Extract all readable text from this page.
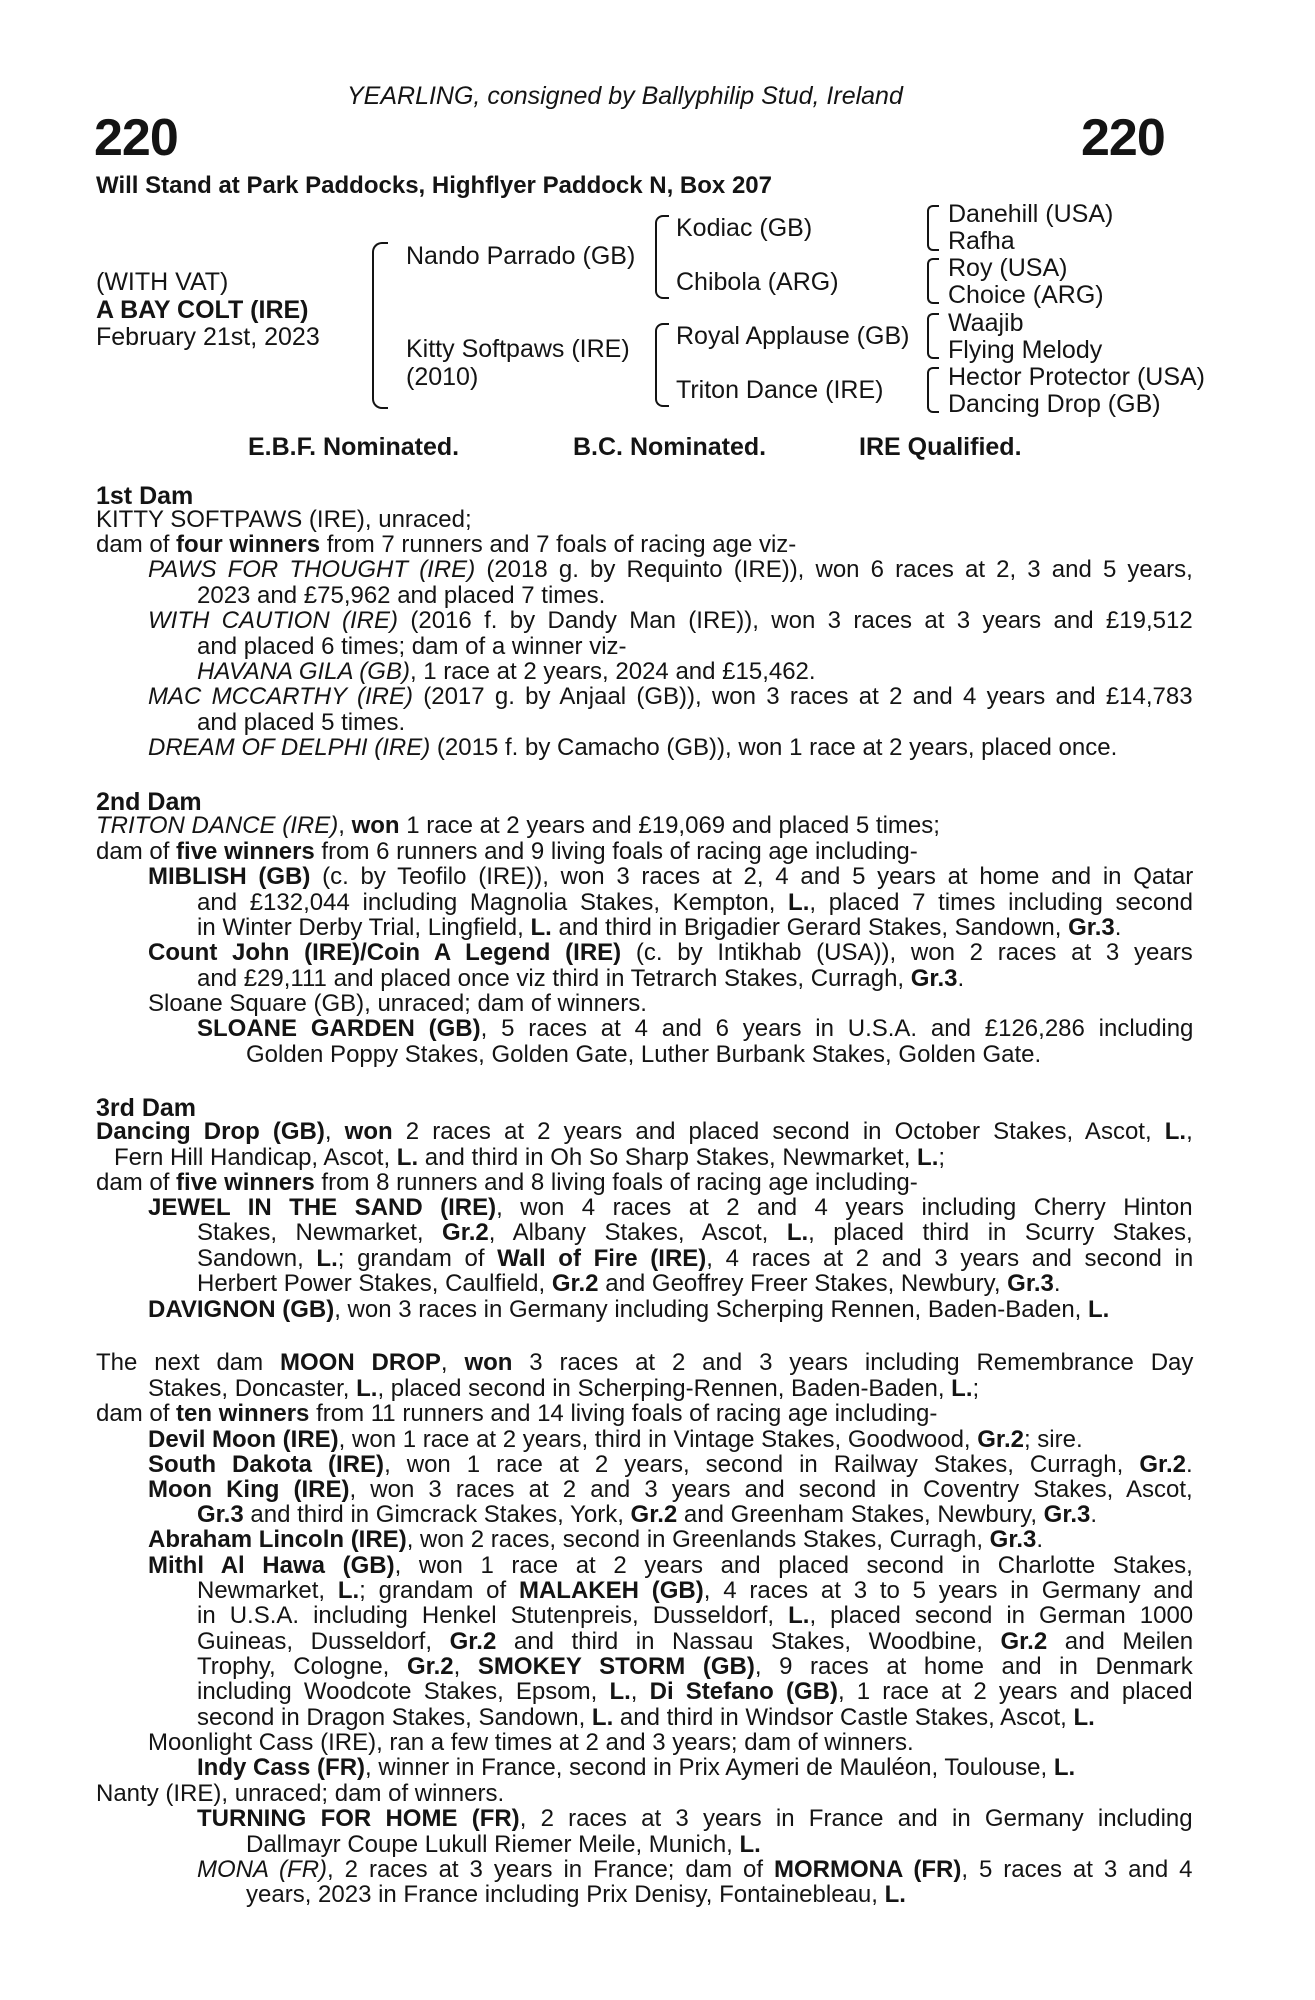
YEARLING, consigned by Ballyphilip Stud, Ireland
220	220
Will Stand at Park Paddocks, Highflyer Paddock N, Box 207
(WITH VAT)
A BAY COLT (IRE)
February 21st, 2023
Nando Parrado (GB)
Kitty Softpaws (IRE)
(2010)
Kodiac (GB)
Chibola (ARG)
Royal Applause (GB)
Triton Dance (IRE)
Danehill (USA)
Rafha
Roy (USA)
Choice (ARG)
Waajib
Flying Melody
Hector Protector (USA)
Dancing Drop (GB)
E.B.F. Nominated.	B.C. Nominated.	IRE Qualified.
1st Dam
2nd Dam
3rd Dam
KITTY SOFTPAWS (IRE), unraced;
dam of four winners from 7 runners and 7 foals of racing age viz-
PAWS FOR THOUGHT (IRE) (2018 g. by Requinto (IRE)), won 6 races at 2, 3 and 5 years,
2023 and £75,962 and placed 7 times.
WITH CAUTION (IRE) (2016 f. by Dandy Man (IRE)), won 3 races at 3 years and £19,512
and placed 6 times; dam of a winner viz-
HAVANA GILA (GB), 1 race at 2 years, 2024 and £15,462.
MAC MCCARTHY (IRE) (2017 g. by Anjaal (GB)), won 3 races at 2 and 4 years and £14,783
and placed 5 times.
DREAM OF DELPHI (IRE) (2015 f. by Camacho (GB)), won 1 race at 2 years, placed once.
TRITON DANCE (IRE), won 1 race at 2 years and £19,069 and placed 5 times;
dam of five winners from 6 runners and 9 living foals of racing age including-
MIBLISH (GB) (c. by Teofilo (IRE)), won 3 races at 2, 4 and 5 years at home and in Qatar
and £132,044 including Magnolia Stakes, Kempton, L., placed 7 times including second
in Winter Derby Trial, Lingfield, L. and third in Brigadier Gerard Stakes, Sandown, Gr.3.
Count John (IRE)/Coin A Legend (IRE) (c. by Intikhab (USA)), won 2 races at 3 years
and £29,111 and placed once viz third in Tetrarch Stakes, Curragh, Gr.3.
Sloane Square (GB), unraced; dam of winners.
SLOANE GARDEN (GB), 5 races at 4 and 6 years in U.S.A. and £126,286 including
Golden Poppy Stakes, Golden Gate, Luther Burbank Stakes, Golden Gate.
Dancing Drop (GB), won 2 races at 2 years and placed second in October Stakes, Ascot, L.,
Fern Hill Handicap, Ascot, L. and third in Oh So Sharp Stakes, Newmarket, L.;
dam of five winners from 8 runners and 8 living foals of racing age including-
JEWEL IN THE SAND (IRE), won 4 races at 2 and 4 years including Cherry Hinton
Stakes, Newmarket, Gr.2, Albany Stakes, Ascot, L., placed third in Scurry Stakes,
Sandown, L.; grandam of Wall of Fire (IRE), 4 races at 2 and 3 years and second in
Herbert Power Stakes, Caulfield, Gr.2 and Geoffrey Freer Stakes, Newbury, Gr.3.
DAVIGNON (GB), won 3 races in Germany including Scherping Rennen, Baden-Baden, L.
The next dam MOON DROP, won 3 races at 2 and 3 years including Remembrance Day
Stakes, Doncaster, L., placed second in Scherping-Rennen, Baden-Baden, L.;
dam of ten winners from 11 runners and 14 living foals of racing age including-
Devil Moon (IRE), won 1 race at 2 years, third in Vintage Stakes, Goodwood, Gr.2; sire.
South Dakota (IRE), won 1 race at 2 years, second in Railway Stakes, Curragh, Gr.2.
Moon King (IRE), won 3 races at 2 and 3 years and second in Coventry Stakes, Ascot,
Gr.3 and third in Gimcrack Stakes, York, Gr.2 and Greenham Stakes, Newbury, Gr.3.
Abraham Lincoln (IRE), won 2 races, second in Greenlands Stakes, Curragh, Gr.3.
Mithl Al Hawa (GB), won 1 race at 2 years and placed second in Charlotte Stakes,
Newmarket, L.; grandam of MALAKEH (GB), 4 races at 3 to 5 years in Germany and
in U.S.A. including Henkel Stutenpreis, Dusseldorf, L., placed second in German 1000
Guineas, Dusseldorf, Gr.2 and third in Nassau Stakes, Woodbine, Gr.2 and Meilen
Trophy, Cologne, Gr.2, SMOKEY STORM (GB), 9 races at home and in Denmark
including Woodcote Stakes, Epsom, L., Di Stefano (GB), 1 race at 2 years and placed
second in Dragon Stakes, Sandown, L. and third in Windsor Castle Stakes, Ascot, L.
Moonlight Cass (IRE), ran a few times at 2 and 3 years; dam of winners.
Indy Cass (FR), winner in France, second in Prix Aymeri de Mauléon, Toulouse, L.
Nanty (IRE), unraced; dam of winners.
TURNING FOR HOME (FR), 2 races at 3 years in France and in Germany including
Dallmayr Coupe Lukull Riemer Meile, Munich, L.
MONA (FR), 2 races at 3 years in France; dam of MORMONA (FR), 5 races at 3 and 4
years, 2023 in France including Prix Denisy, Fontainebleau, L.
